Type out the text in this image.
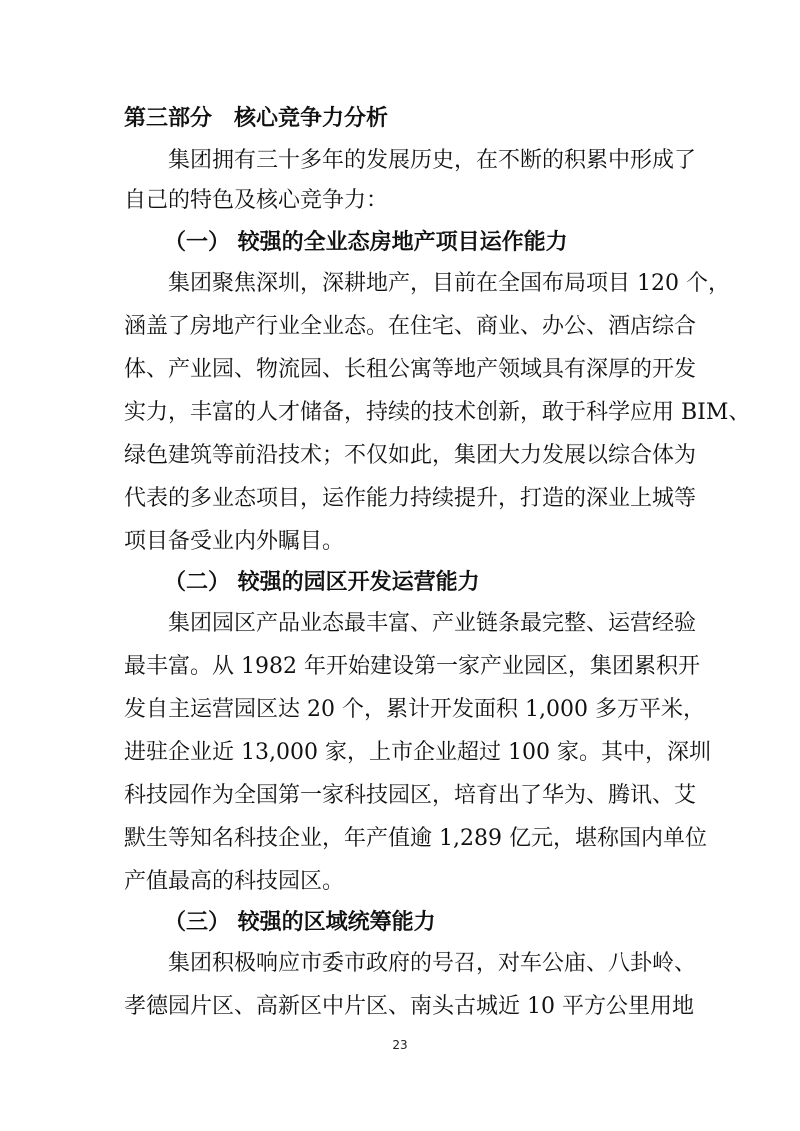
第三部分　核心竞争力分析
集团拥有三十多年的发展历史，在不断的积累中形成了
自己的特色及核心竞争力：
（一） 较强的全业态房地产项目运作能力
集团聚焦深圳，深耕地产，目前在全国布局项目 120 个，
涵盖了房地产行业全业态。在住宅、商业、办公、酒店综合
体、产业园、物流园、长租公寓等地产领域具有深厚的开发
实力，丰富的人才储备，持续的技术创新，敢于科学应用 BIM、
绿色建筑等前沿技术；不仅如此，集团大力发展以综合体为
代表的多业态项目，运作能力持续提升，打造的深业上城等
项目备受业内外瞩目。
（二） 较强的园区开发运营能力
集团园区产品业态最丰富、产业链条最完整、运营经验
最丰富。从 1982 年开始建设第一家产业园区，集团累积开
发自主运营园区达 20 个，累计开发面积 1,000 多万平米，
进驻企业近 13,000 家，上市企业超过 100 家。其中，深圳
科技园作为全国第一家科技园区，培育出了华为、腾讯、艾
默生等知名科技企业，年产值逾 1,289 亿元，堪称国内单位
产值最高的科技园区。
（三） 较强的区域统筹能力
集团积极响应市委市政府的号召，对车公庙、八卦岭、
孝德园片区、高新区中片区、南头古城近 10 平方公里用地
23
